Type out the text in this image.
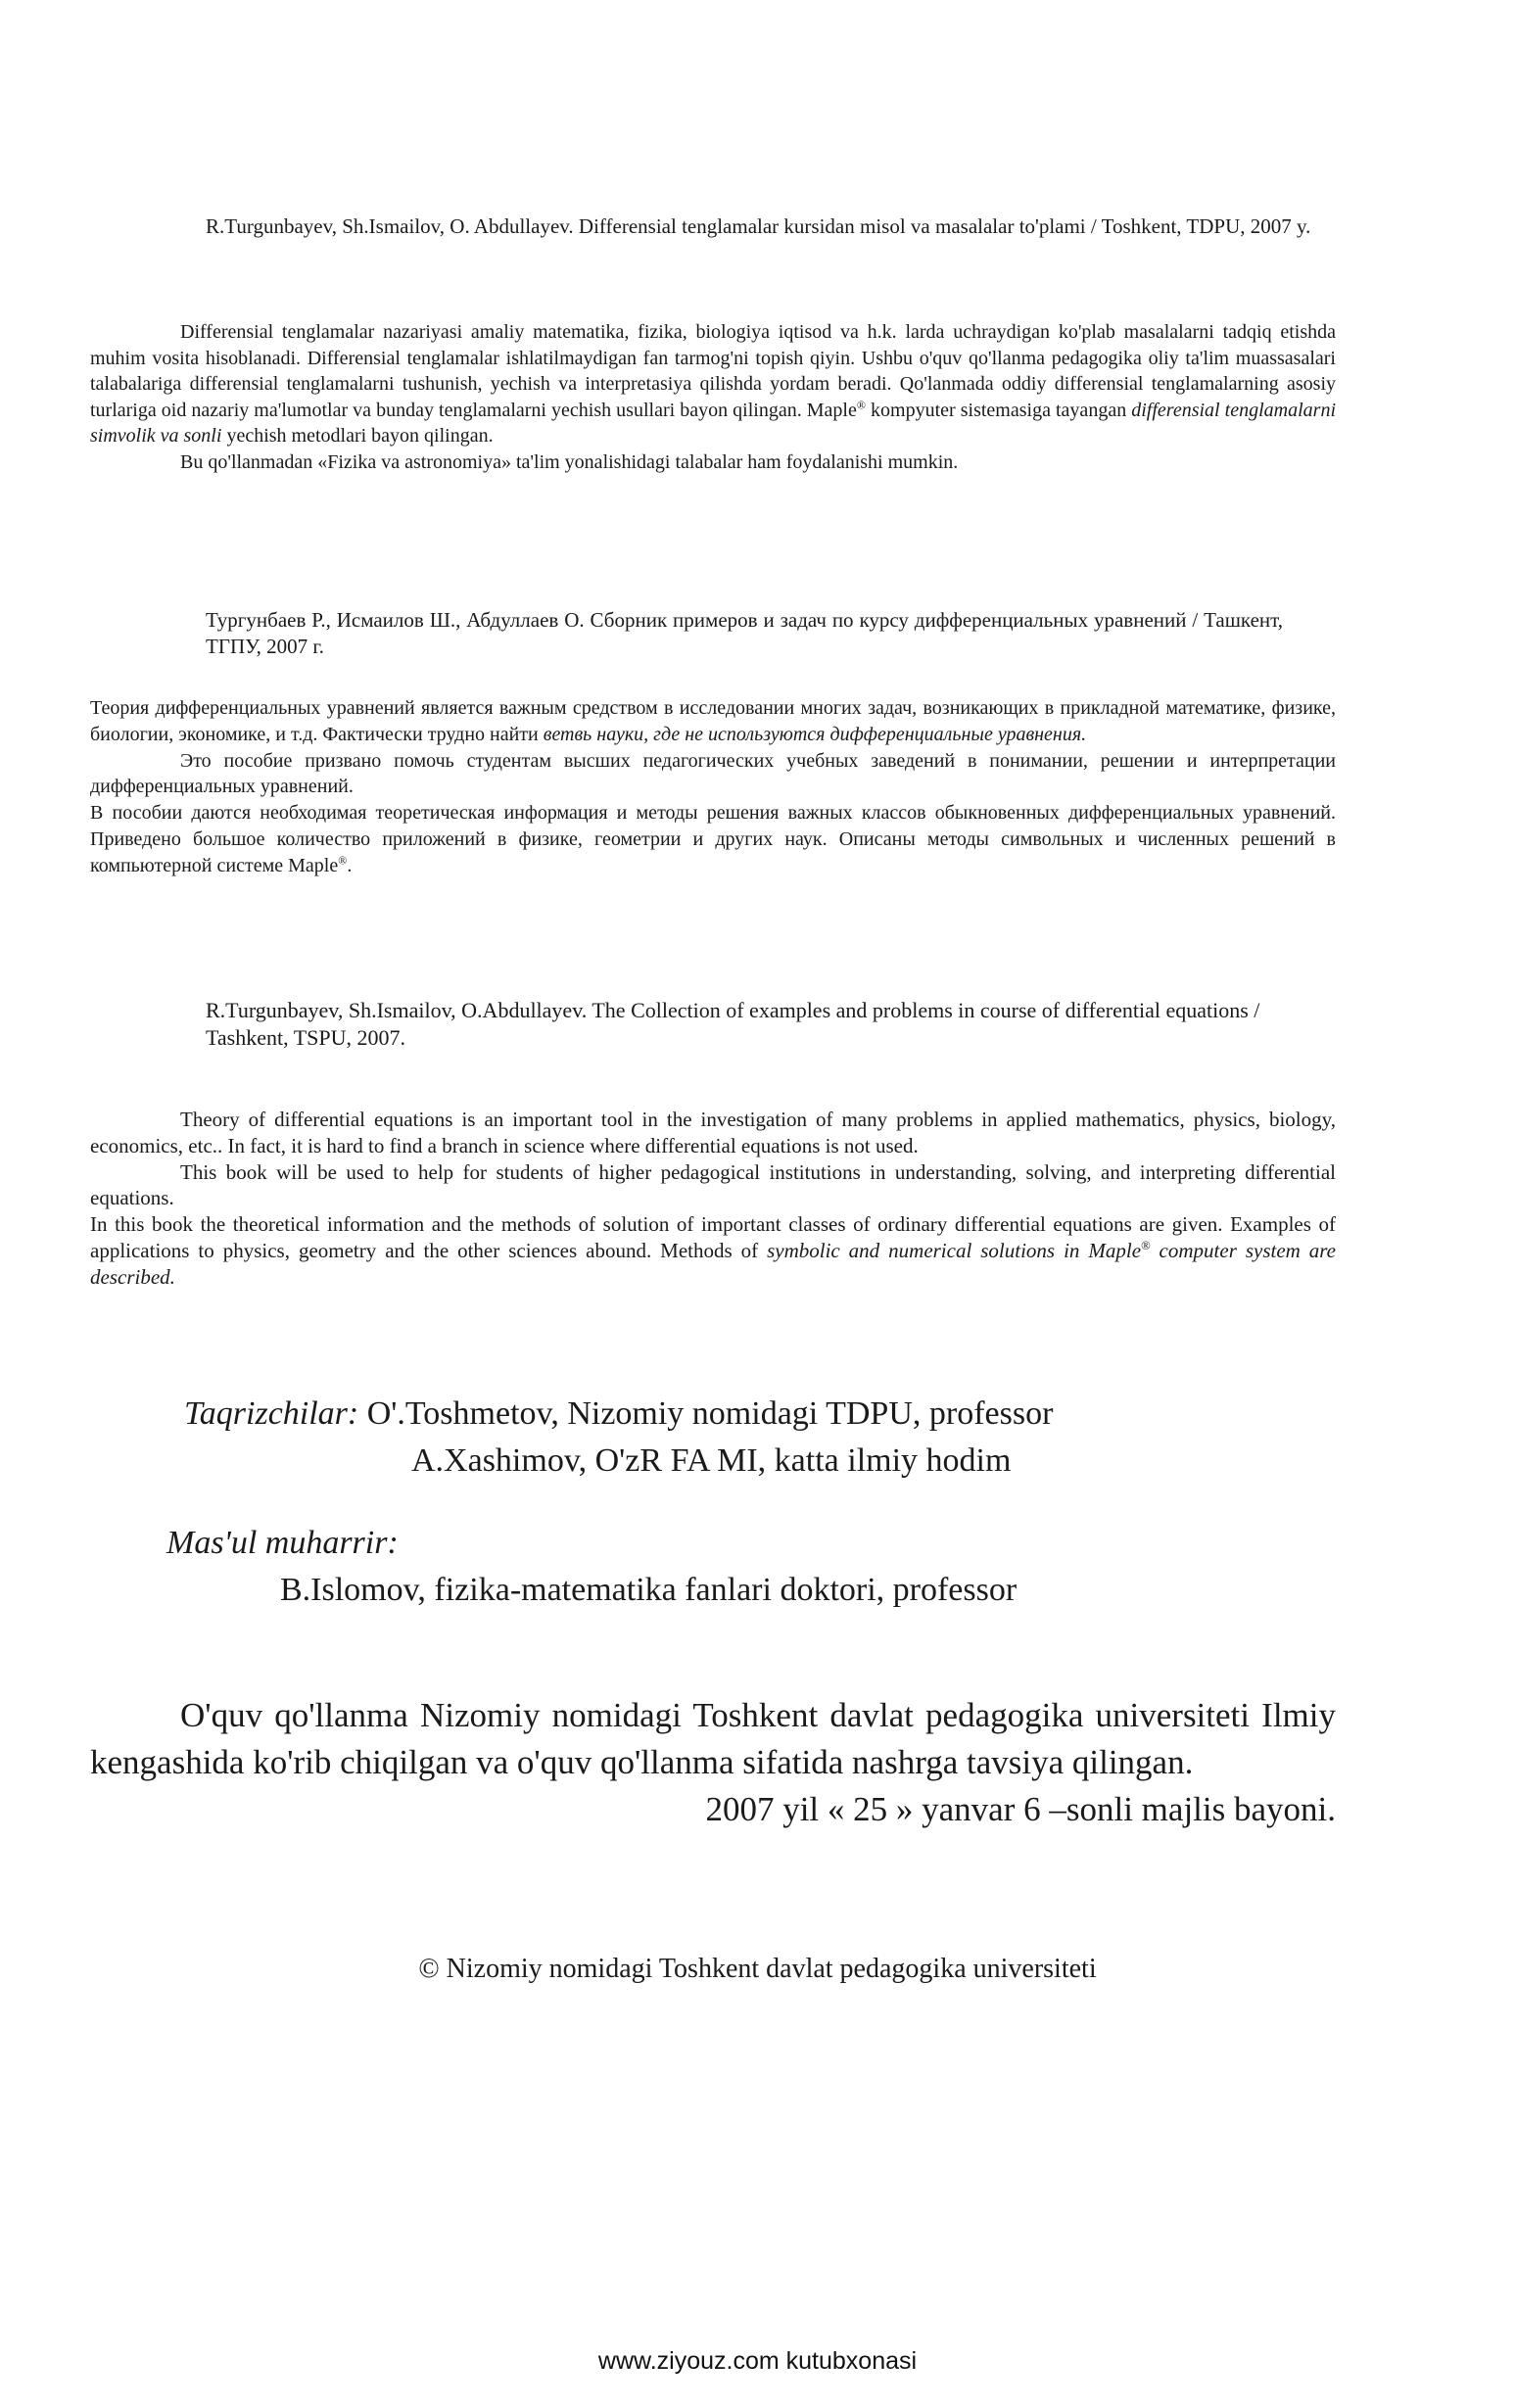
R.Turgunbayev, Sh.Ismailov, O. Abdullayev. Differensial tenglamalar kursidan misol va masalalar to'plami / Toshkent, TDPU, 2007 y.

Differensial tenglamalar nazariyasi amaliy matematika, fizika, biologiya iqtisod va h.k. larda uchraydigan ko'plab masalalarni tadqiq etishda muhim vosita hisoblanadi. Differensial tenglamalar ishlatilmaydigan fan tarmog'ni topish qiyin. Ushbu o'quv qo'llanma pedagogika oliy ta'lim muassasalari talabalariga differensial tenglamalarni tushunish, yechish va interpretasiya qilishda yordam beradi. Qo'lanmada oddiy differensial tenglamalarning asosiy turlariga oid nazariy ma'lumotlar va bunday tenglamalarni yechish usullari bayon qilingan. Maple® kompyuter sistemasiga tayangan differensial tenglamalarni simvolik va sonli yechish metodlari bayon qilingan.

Bu qo'llanmadan «Fizika va astronomiya» ta'lim yonalishidagi talabalar ham foydalanishi mumkin.

Тургунбаев Р., Исмаилов Ш., Абдуллаев О. Сборник примеров и задач по курсу дифференциальных уравнений / Ташкент, ТГПУ, 2007 г.

Теория дифференциальных уравнений является важным средством в исследовании многих задач, возникающих в прикладной математике, физике, биологии, экономике, и т.д. Фактически трудно найти ветвь науки, где не используются дифференциальные уравнения.

Это пособие призвано помочь студентам высших педагогических учебных заведений в понимании, решении и интерпретации дифференциальных уравнений.

В пособии даются необходимая теоретическая информация и методы решения важных классов обыкновенных дифференциальных уравнений. Приведено большое количество приложений в физике, геометрии и других наук. Описаны методы символьных и численных решений в компьютерной системе Maple®.

R.Turgunbayev, Sh.Ismailov, O.Abdullayev. The Collection of examples and problems in course of differential equations / Tashkent, TSPU, 2007.

Theory of differential equations is an important tool in the investigation of many problems in applied mathematics, physics, biology, economics, etc.. In fact, it is hard to find a branch in science where differential equations is not used.

This book will be used to help for students of higher pedagogical institutions in understanding, solving, and interpreting differential equations.

In this book the theoretical information and the methods of solution of important classes of ordinary differential equations are given. Examples of applications to physics, geometry and the other sciences abound. Methods of symbolic and numerical solutions in Maple® computer system are described.

Taqrizchilar: O'.Toshmetov, Nizomiy nomidagi TDPU, professor

A.Xashimov, O'zR FA MI, katta ilmiy hodim

Mas'ul muharrir:

B.Islomov, fizika-matematika fanlari doktori, professor

O'quv qo'llanma Nizomiy nomidagi Toshkent davlat pedagogika universiteti Ilmiy kengashida ko'rib chiqilgan va o'quv qo'llanma sifatida nashrga tavsiya qilingan.

2007 yil « 25 » yanvar 6 –sonli majlis bayoni.

© Nizomiy nomidagi Toshkent davlat pedagogika universiteti
www.ziyouz.com kutubxonasi
